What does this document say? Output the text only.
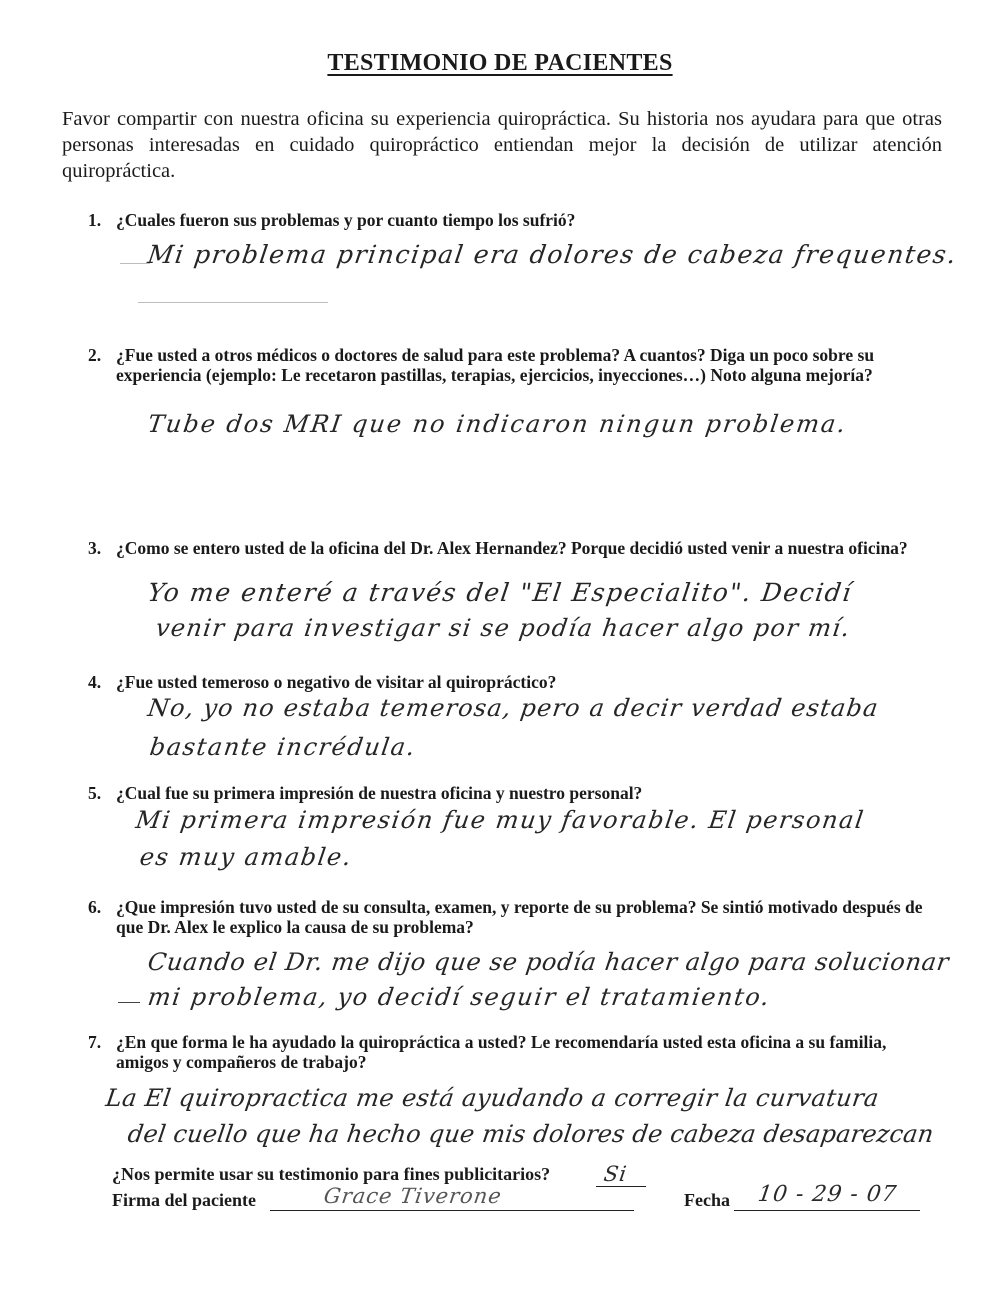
TESTIMONIO DE PACIENTES

Favor compartir con nuestra oficina su experiencia quiropráctica. Su historia nos ayudara para que otras personas interesadas en cuidado quiropráctico entiendan mejor la decisión de utilizar atención quiropráctica.

1. ¿Cuales fueron sus problemas y por cuanto tiempo los sufrió?
Mi problema principal era dolores de cabeza frequentes.
2. ¿Fue usted a otros médicos o doctores de salud para este problema? A cuantos? Diga un poco sobre su experiencia (ejemplo: Le recetaron pastillas, terapias, ejercicios, inyecciones…) Noto alguna mejoría?
Tube dos MRI que no indicaron ningun problema.
3. ¿Como se entero usted de la oficina del Dr. Alex Hernandez? Porque decidió usted venir a nuestra oficina?
Yo me enteré a través del "El Especialito". Decidí
venir para investigar si se podía hacer algo por mí.
4. ¿Fue usted temeroso o negativo de visitar al quiropráctico?
No, yo no estaba temerosa, pero a decir verdad estaba
bastante incrédula.
5. ¿Cual fue su primera impresión de nuestra oficina y nuestro personal?
Mi primera impresión fue muy favorable. El personal
es muy amable.
6. ¿Que impresión tuvo usted de su consulta, examen, y reporte de su problema? Se sintió motivado después de que Dr. Alex le explico la causa de su problema?
Cuando el Dr. me dijo que se podía hacer algo para solucionar
mi problema, yo decidí seguir el tratamiento.
7. ¿En que forma le ha ayudado la quiropráctica a usted? Le recomendaría usted esta oficina a su familia, amigos y compañeros de trabajo?
La El quiropractica me está ayudando a corregir la curvatura
del cuello que ha hecho que mis dolores de cabeza desaparezcan
¿Nos permite usar su testimonio para fines publicitarios? Si
Firma del paciente	Grace Tiverone	Fecha 10 - 29 - 07
